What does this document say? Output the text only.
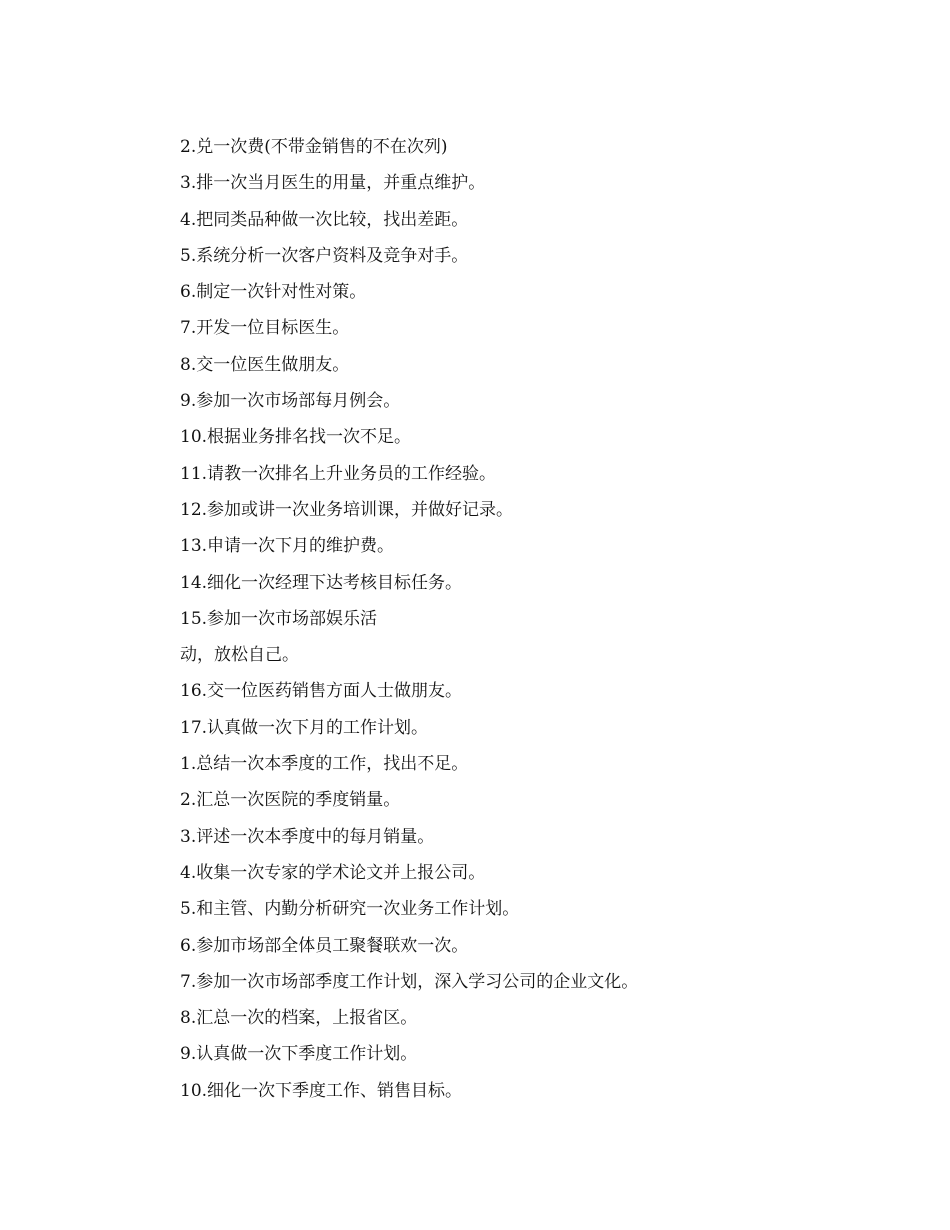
2.兑一次费(不带金销售的不在次列)

3.排一次当月医生的用量，并重点维护。

4.把同类品种做一次比较，找出差距。

5.系统分析一次客户资料及竞争对手。

6.制定一次针对性对策。

7.开发一位目标医生。

8.交一位医生做朋友。

9.参加一次市场部每月例会。

10.根据业务排名找一次不足。

11.请教一次排名上升业务员的工作经验。

12.参加或讲一次业务培训课，并做好记录。

13.申请一次下月的维护费。

14.细化一次经理下达考核目标任务。

15.参加一次市场部娱乐活

动，放松自己。

16.交一位医药销售方面人士做朋友。

17.认真做一次下月的工作计划。

1.总结一次本季度的工作，找出不足。

2.汇总一次医院的季度销量。

3.评述一次本季度中的每月销量。

4.收集一次专家的学术论文并上报公司。

5.和主管、内勤分析研究一次业务工作计划。

6.参加市场部全体员工聚餐联欢一次。

7.参加一次市场部季度工作计划，深入学习公司的企业文化。

8.汇总一次的档案，上报省区。

9.认真做一次下季度工作计划。

10.细化一次下季度工作、销售目标。
